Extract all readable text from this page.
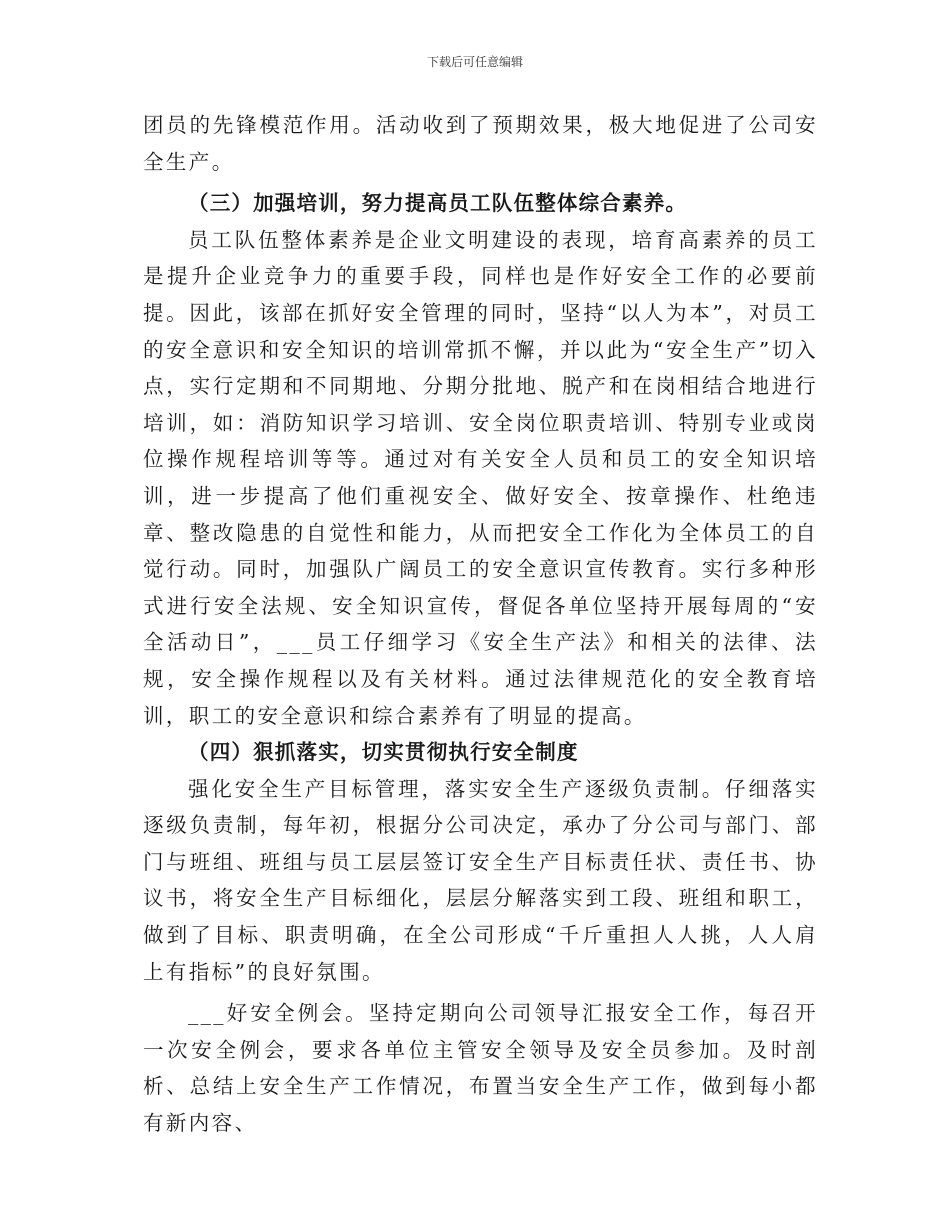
下载后可任意编辑

团员的先锋模范作用。活动收到了预期效果，极大地促进了公司安全生产。

（三）加强培训，努力提高员工队伍整体综合素养。

员工队伍整体素养是企业文明建设的表现，培育高素养的员工是提升企业竞争力的重要手段，同样也是作好安全工作的必要前提。因此，该部在抓好安全管理的同时，坚持“以人为本”，对员工的安全意识和安全知识的培训常抓不懈，并以此为“安全生产”切入点，实行定期和不同期地、分期分批地、脱产和在岗相结合地进行培训，如：消防知识学习培训、安全岗位职责培训、特别专业或岗位操作规程培训等等。通过对有关安全人员和员工的安全知识培训，进一步提高了他们重视安全、做好安全、按章操作、杜绝违章、整改隐患的自觉性和能力，从而把安全工作化为全体员工的自觉行动。同时，加强队广阔员工的安全意识宣传教育。实行多种形式进行安全法规、安全知识宣传，督促各单位坚持开展每周的“安全活动日”，___员工仔细学习《安全生产法》和相关的法律、法规，安全操作规程以及有关材料。通过法律规范化的安全教育培训，职工的安全意识和综合素养有了明显的提高。

（四）狠抓落实，切实贯彻执行安全制度

强化安全生产目标管理，落实安全生产逐级负责制。仔细落实逐级负责制，每年初，根据分公司决定，承办了分公司与部门、部门与班组、班组与员工层层签订安全生产目标责任状、责任书、协议书，将安全生产目标细化，层层分解落实到工段、班组和职工，做到了目标、职责明确，在全公司形成“千斤重担人人挑，人人肩上有指标”的良好氛围。

___好安全例会。坚持定期向公司领导汇报安全工作，每召开一次安全例会，要求各单位主管安全领导及安全员参加。及时剖析、总结上安全生产工作情况，布置当安全生产工作，做到每小都有新内容、
